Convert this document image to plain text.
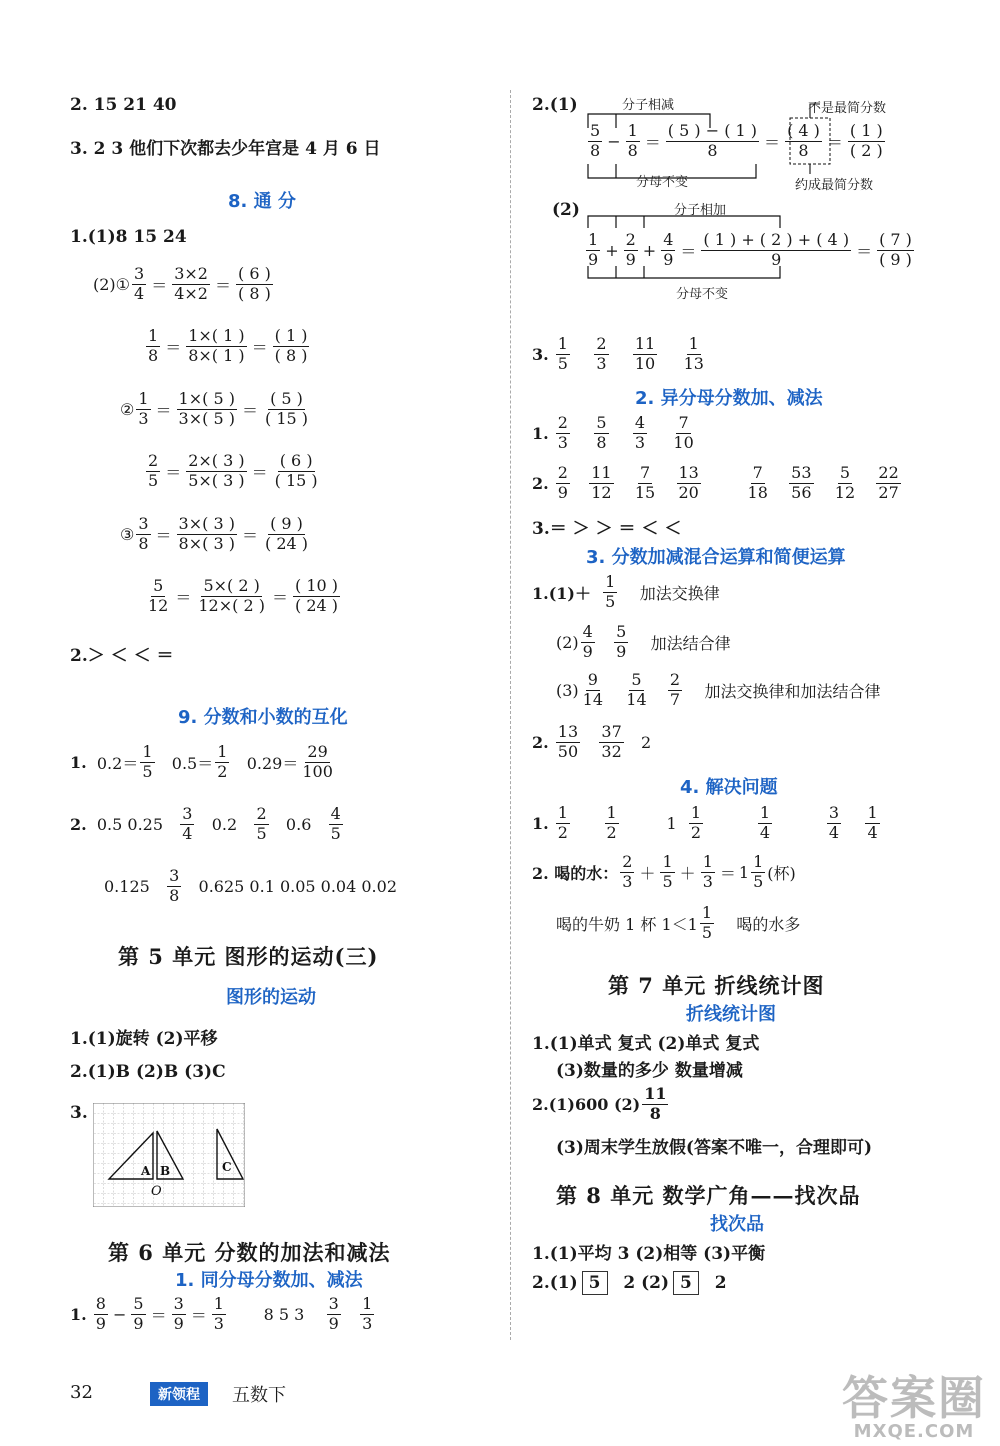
2. 15 21 40
3. 2 3 他们下次都去少年宫是 4 月 6 日
8. 通 分
1.(1)8 15 24
(2)①
3
4 ＝
3×2
4×2 ＝
( 6 )
( 8 )
1
8 ＝
1×( 1 )
8×( 1 ) ＝
( 1 )
( 8 )
②
1
3 ＝
1×( 5 )
3×( 5 ) ＝
( 5 )
( 15 )
2
5 ＝
2×( 3 )
5×( 3 ) ＝
( 6 )
( 15 )
③
3
8 ＝
3×( 3 )
8×( 3 ) ＝
( 9 )
( 24 )
5
12 ＝
5×( 2 )
12×( 2 ) ＝
( 10 )
( 24 )
2.＞ ＜ ＜ ＝
9. 分数和小数的互化
1.
0.2＝
1
5
0.5＝
1
2
0.29＝
29
100
2.
0.5 0.25

3
4
0.2

2
5
0.6

4
5
0.125

3
8
0.625 0.1 0.05 0.04 0.02
第 5 单元 图形的运动(三)
图形的运动
1.(1)旋转 (2)平移
2.(1)B (2)B (3)C
3.
A B	C
O
第 6 单元 分数的加法和减法
1. 同分母分数加、减法
1.

8
$9 - \frac{5}{9}$ ＝
3
9 ＝
1
3
8 5 3

3
9

1
3
32	新领程	五数下
2.(1)	分子相减	不是最简分数
5
$8 - \frac{1}{8}$ ＝
( 5 ) − ( 1 )
8	＝
( 4 )
8 ＝
( 1 )
( 2 )
分母不变	约成最简分数
(2)	分子相加
1
$9 + \frac{2}{9} + \frac{4}{9}$ ＝
( 1 ) + ( 2 ) + ( 4 )
9	＝
( 7 )
( 9 )
分母不变
3.

1
5

2
3

11
10

1
13
2. 异分母分数加、减法
1.

2
3

5
8

4
3

7
10
2.

2
9

11
12

7
15

13
20

7
18

53
56

5
12

22
27
3.＝ ＞ ＞ ＝ ＜ ＜
3. 分数加减混合运算和简便运算
1.(1)＋

1
5
加法交换律
(2)
4
9

5
9
加法结合律
(3)
9
14

5
14

2
7
加法交换律和加法结合律
2.

13
50

37
32
2
4. 解决问题
1.

1
2

1
2 1
1
2

1
4

3
4

1
4
2. 喝的水：
2
3 ＋
1
5 ＋
1
3 ＝ 1
1
5 (杯)
喝的牛奶 1 杯 1＜1
1
5
喝的水多
第 7 单元 折线统计图
折线统计图
1.(1)单式 复式 (2)单式 复式
(3)数量的多少 数量增减
2.(1)600 (2)
11
8
(3)周末学生放假(答案不唯一，合理即可)
第 8 单元 数学广角——找次品
找次品
1.(1)平均 3 (2)相等 (3)平衡
2.(1) 5 2 (2) 5 2
答案圈
MXQE.COM
